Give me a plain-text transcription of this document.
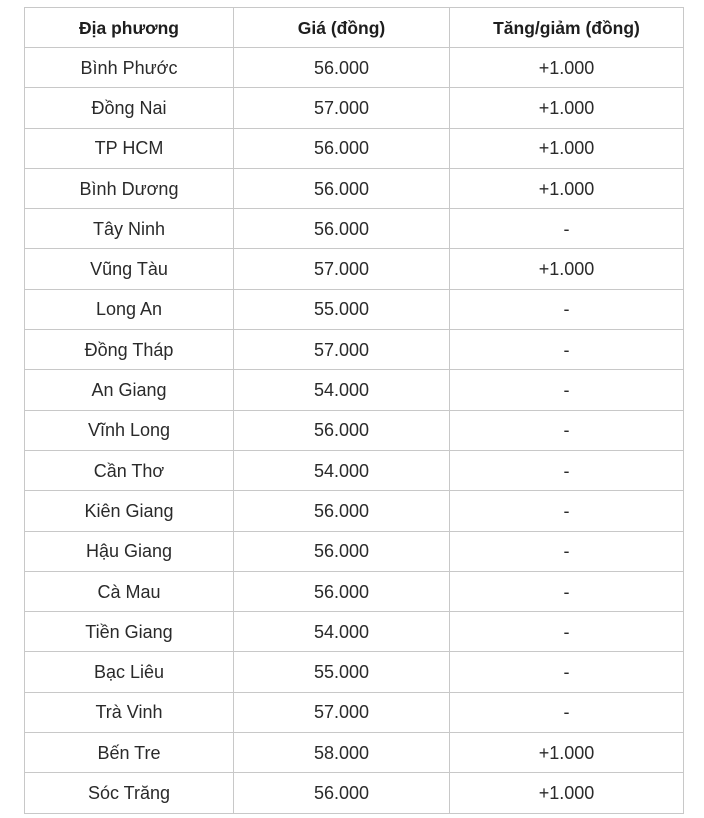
Địa phương	Giá (đồng)	Tăng/giảm (đồng)
Bình Phước	56.000	+1.000
Đồng Nai	57.000	+1.000
TP HCM	56.000	+1.000
Bình Dương	56.000	+1.000
Tây Ninh	56.000	-
Vũng Tàu	57.000	+1.000
Long An	55.000	-
Đồng Tháp	57.000	-
An Giang	54.000	-
Vĩnh Long	56.000	-
Cần Thơ	54.000	-
Kiên Giang	56.000	-
Hậu Giang	56.000	-
Cà Mau	56.000	-
Tiền Giang	54.000	-
Bạc Liêu	55.000	-
Trà Vinh	57.000	-
Bến Tre	58.000	+1.000
Sóc Trăng	56.000	+1.000
